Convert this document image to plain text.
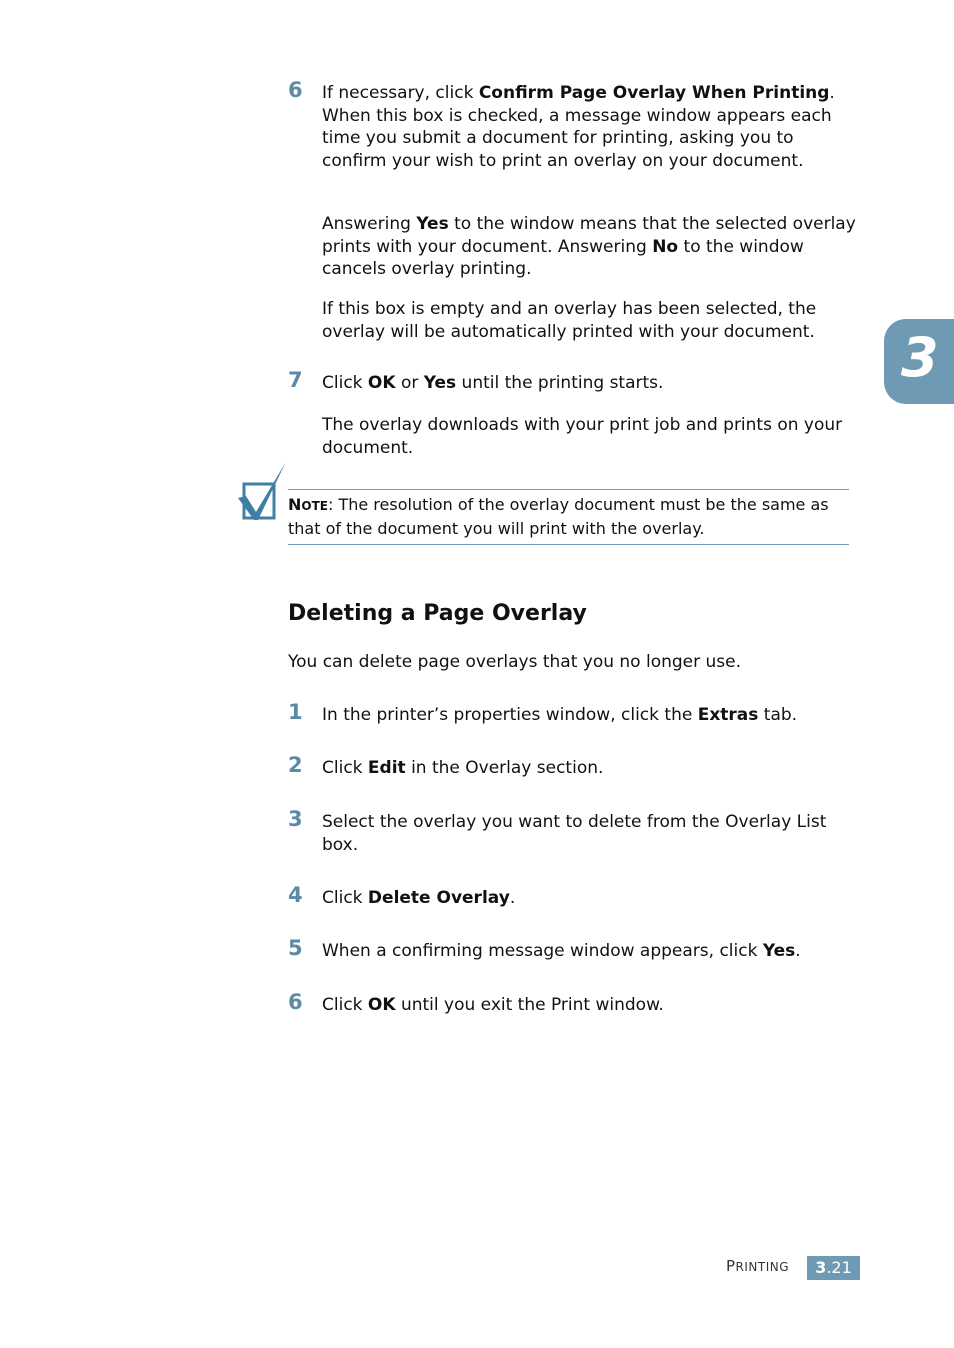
3
6 If necessary, click Confirm Page Overlay When Printing. When this box is checked, a message window appears each time you submit a document for printing, asking you to confirm your wish to print an overlay on your document.
Answering Yes to the window means that the selected overlay prints with your document. Answering No to the window cancels overlay printing.
If this box is empty and an overlay has been selected, the overlay will be automatically printed with your document.
7 Click OK or Yes until the printing starts.
The overlay downloads with your print job and prints on your document.
NOTE: The resolution of the overlay document must be the same as that of the document you will print with the overlay.
Deleting a Page Overlay
You can delete page overlays that you no longer use.
1 In the printer’s properties window, click the Extras tab.
2 Click Edit in the Overlay section.
3 Select the overlay you want to delete from the Overlay List box.
4 Click Delete Overlay.
5 When a confirming message window appears, click Yes.
6 Click OK until you exit the Print window.
PRINTING	3.21
